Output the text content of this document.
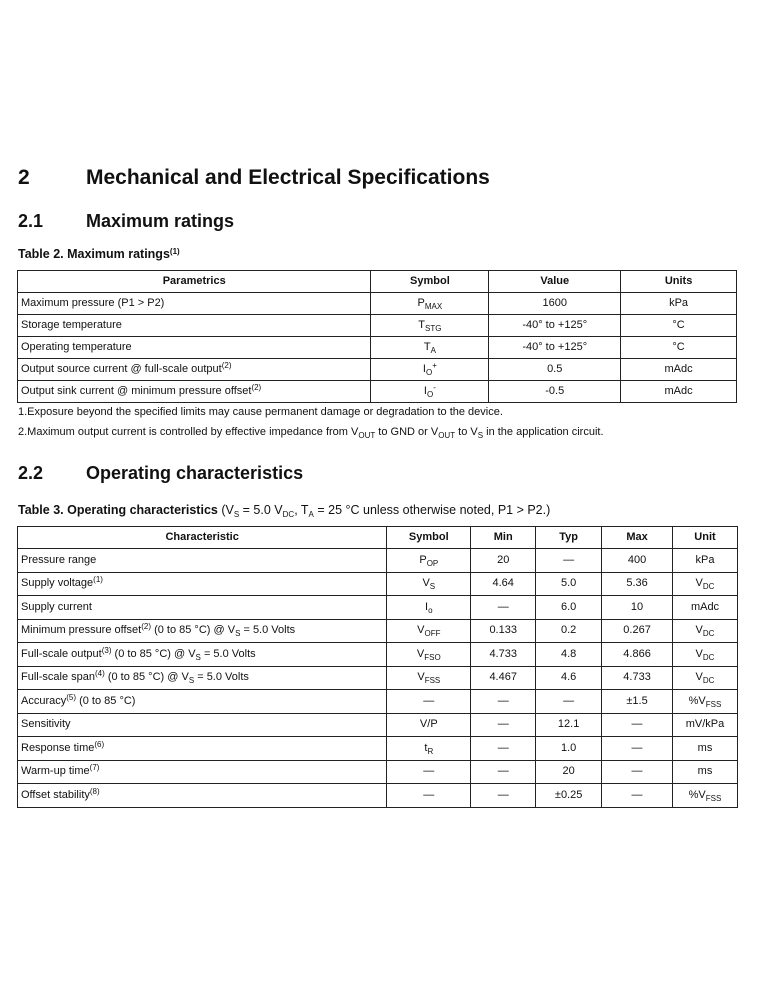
2	Mechanical and Electrical Specifications
2.1 Maximum ratings
Table 2. Maximum ratings$^{(1)}$
Parametrics	Symbol	Value	Units
Maximum pressure (P1 > P2)	$P_{MAX}$	1600	kPa
Storage temperature	$T_{STG}$	-40° to +125°	°C
Operating temperature	$T_A$	-40° to +125°	°C
Output source current @ full-scale output$^{(2)}$	$I_O^+$	0.5	mAdc
Output sink current @ minimum pressure offset$^{(2)}$	$I_O^-$	-0.5	mAdc
1.Exposure beyond the specified limits may cause permanent damage or degradation to the device.
2.Maximum output current is controlled by effective impedance from $V_{OUT}$ to GND or $V_{OUT}$ to $V_S$ in the application circuit.
2.2 Operating characteristics
Table 3. Operating characteristics ($V_S = 5.0$ $V_{DC}$, $T_A = 25$ °C unless otherwise noted, P1 > P2.)
Characteristic	Symbol	Min	Typ	Max	Unit
Pressure range	$P_{OP}$	20	—	400	kPa
Supply voltage$^{(1)}$	$V_S$	4.64	5.0	5.36	$V_{DC}$
Supply current	$I_o$	—	6.0	10	mAdc
Minimum pressure offset$^{(2)}$ (0 to 85 °C) @ $V_S = 5.0$ Volts	$V_{OFF}$	0.133	0.2	0.267	$V_{DC}$
Full-scale output$^{(3)}$ (0 to 85 °C) @ $V_S = 5.0$ Volts	$V_{FSO}$	4.733	4.8	4.866	$V_{DC}$
Full-scale span$^{(4)}$ (0 to 85 °C) @ $V_S = 5.0$ Volts	$V_{FSS}$	4.467	4.6	4.733	$V_{DC}$
Accuracy$^{(5)}$ (0 to 85 °C)	—	—	—	±1.5	$\%V_{FSS}$
Sensitivity	V/P	—	12.1	—	mV/kPa
Response time$^{(6)}$	$t_R$	—	1.0	—	ms
Warm-up time$^{(7)}$	—	—	20	—	ms
Offset stability$^{(8)}$	—	—	±0.25	—	$\%V_{FSS}$
